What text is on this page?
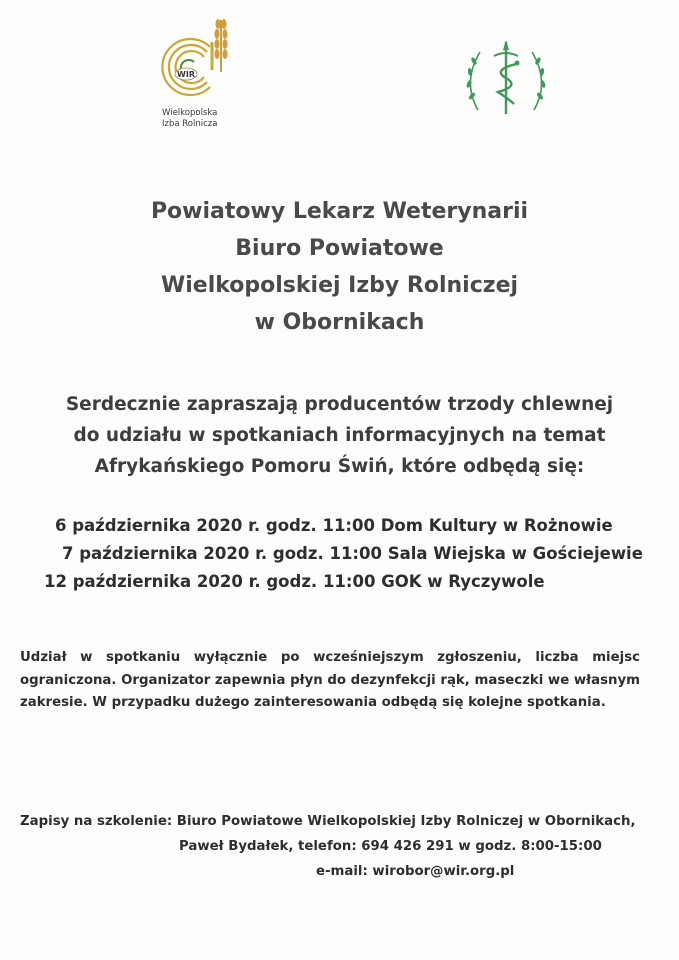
WIR
Wielkopolska
Izba Rolnicza
Powiatowy Lekarz Weterynarii
Biuro Powiatowe
Wielkopolskiej Izby Rolniczej
w Obornikach
Serdecznie zapraszają producentów trzody chlewnej
do udziału w spotkaniach informacyjnych na temat
Afrykańskiego Pomoru Świń, które odbędą się:
6 października 2020 r. godz. 11:00 Dom Kultury w Rożnowie
7 października 2020 r. godz. 11:00 Sala Wiejska w Gościejewie
12 października 2020 r. godz. 11:00 GOK w Ryczywole
Udział w spotkaniu wyłącznie po wcześniejszym zgłoszeniu, liczba miejsc
ograniczona. Organizator zapewnia płyn do dezynfekcji rąk, maseczki we własnym
zakresie. W przypadku dużego zainteresowania odbędą się kolejne spotkania.
Zapisy na szkolenie: Biuro Powiatowe Wielkopolskiej Izby Rolniczej w Obornikach,
Paweł Bydałek, telefon: 694 426 291 w godz. 8:00-15:00
e-mail: wirobor@wir.org.pl
